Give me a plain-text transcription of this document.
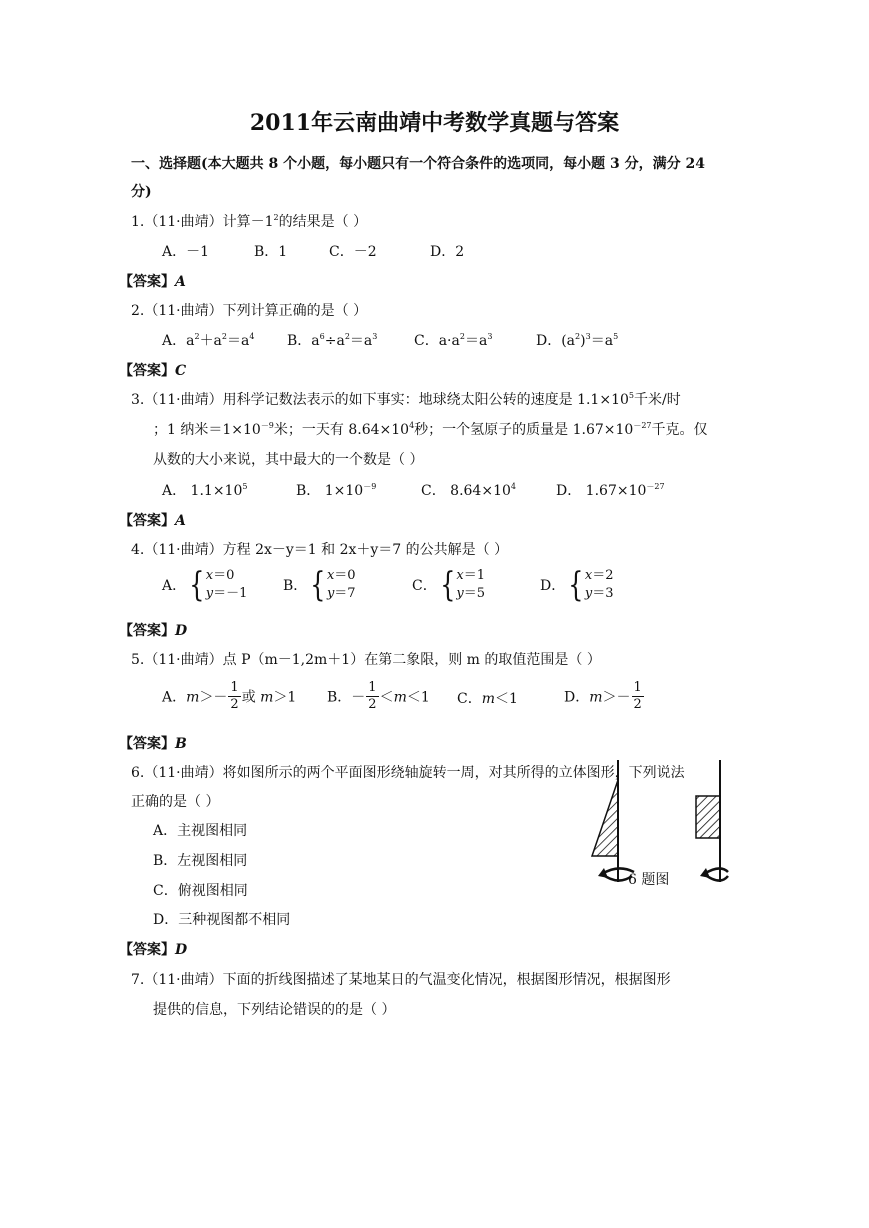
2011年云南曲靖中考数学真题与答案
一、选择题(本大题共 8 个小题，每小题只有一个符合条件的选项同，每小题 3 分，满分 24
分)
1.（11·曲靖）计算$-1^2$的结果是（ ）
A．－1	B．1	C．－2	D．2
【答案】A
2.（11·曲靖）下列计算正确的是（ ）
A．$a^2+a^2=a^4$ B．$a^6\div a^2=a^3$	C．$a\cdot a^2=a^3$	D．$(a^2)^3=a^5$
【答案】C
3.（11·曲靖）用科学记数法表示的如下事实：地球绕太阳公转的速度是 $1.1\times 10^5$千米/时
；1 纳米$=1\times 10^{-9}$米；一天有 $8.64\times 10^4$秒；一个氢原子的质量是 $1.67\times 10^{-27}$千克。仅
从数的大小来说，其中最大的一个数是（ ）
A． $1.1\times 10^5$	B． $1\times 10^{-9}$	C． $8.64\times 10^4$	D． $1.67\times 10^{-27}$
【答案】A
4.（11·曲靖）方程 2x－y＝1 和 2x＋y＝7 的公共解是（ ）
A． { x＝0
y＝－1	B． { x＝0
y＝7	C． { x＝1
y＝5	D． { x＝2
y＝3
【答案】D
5.（11·曲靖）点 P（m－1,2m＋1）在第二象限，则 m 的取值范围是（ ）
A．$m>- \frac{1}{2}$ 或 m＞1 B．－ $\frac{1}{2} <m<1$ C．m＜1	D．$m>- \frac{1}{2}$
【答案】B
6.（11·曲靖）将如图所示的两个平面图形绕轴旋转一周，对其所得的立体图形，下列说法
正确的是（ ）
A．主视图相同
B．左视图相同
C．俯视图相同
D．三种视图都不相同
6 题图
【答案】D
7.（11·曲靖）下面的折线图描述了某地某日的气温变化情况，根据图形情况，根据图形
提供的信息，下列结论错误的的是（ ）
